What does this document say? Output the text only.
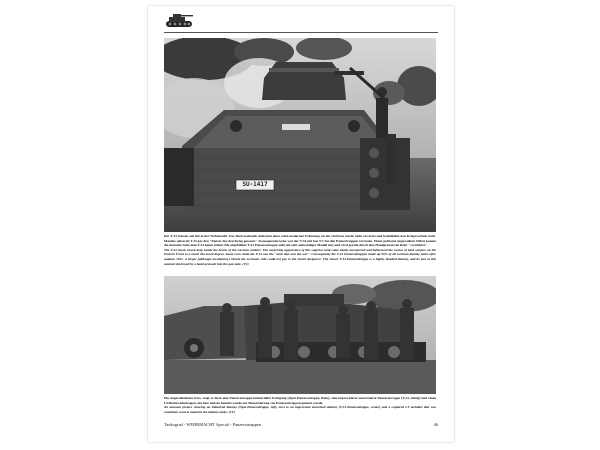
SU-1417

Der T-34 Schock saß tief in der Wehrmacht. Das überraschende Auftreten eines solch modernen Fahrzeugs an der Ostfront wurde nicht erwartet und beeinflußte den Kriegsverlauf stark. Manche sehen im T-34 gar den "Panzer der den Krieg gewann". Konsequenterweise war der T-34 mit fast 9:1 bei den Panzertruppen vertreten. Einen gröberen ungewollten Tribut konnte die deutsche Seite dem T-34 kaum zollen! Die abgebildete T-34 Panzerattrappe steht ein sehr aufwendiges Modell dar, und wird gerade durch eine Handgranate im Rohr "vernichtet".

The T-34 shock struck deep inside the hearts of the German soldiers. The surprising appearance of this superior tank came totally unexpected and influenced the course of land warfare on the Eastern Front to a much discussed degree. Some even claim the T-34 was the "tank that won the war". Consequently the T-34 Panzerattrappen made up 90% of all German dummy tanks after autumn 1941. A larger (although involuntary) tribute the Germans side could not pay to the Soviet designers! The shown T-34-Panzerattrappe is a highly detailed dummy, and its just at this moment destroyed by a hand grenade into the gun tube. (JV)

Ein ungewöhnliches Foto, zeigt es doch eine Panzerattrappe industrieller Fertigung (Opel-Panzerattrappe, links), eine improvisierte motorisierte Panzerattrappe (T-34, mittig) und einen LT-Beutewickelwagen, der hier und da benutzt wurde zur Motorisierung von Panzerattrappen genutzt wurde.

An unusual picture showing an industrial dummy (Opel-Panzerattrappe, left), next to an improvised motorized dummy (T-34-Panzerattrappe, center) and a captured LT melodist that was sometimes used to motorize the dummy tanks. (JV)

Tankograd - WEHRMACHT Special - Panzerattrappen	46
